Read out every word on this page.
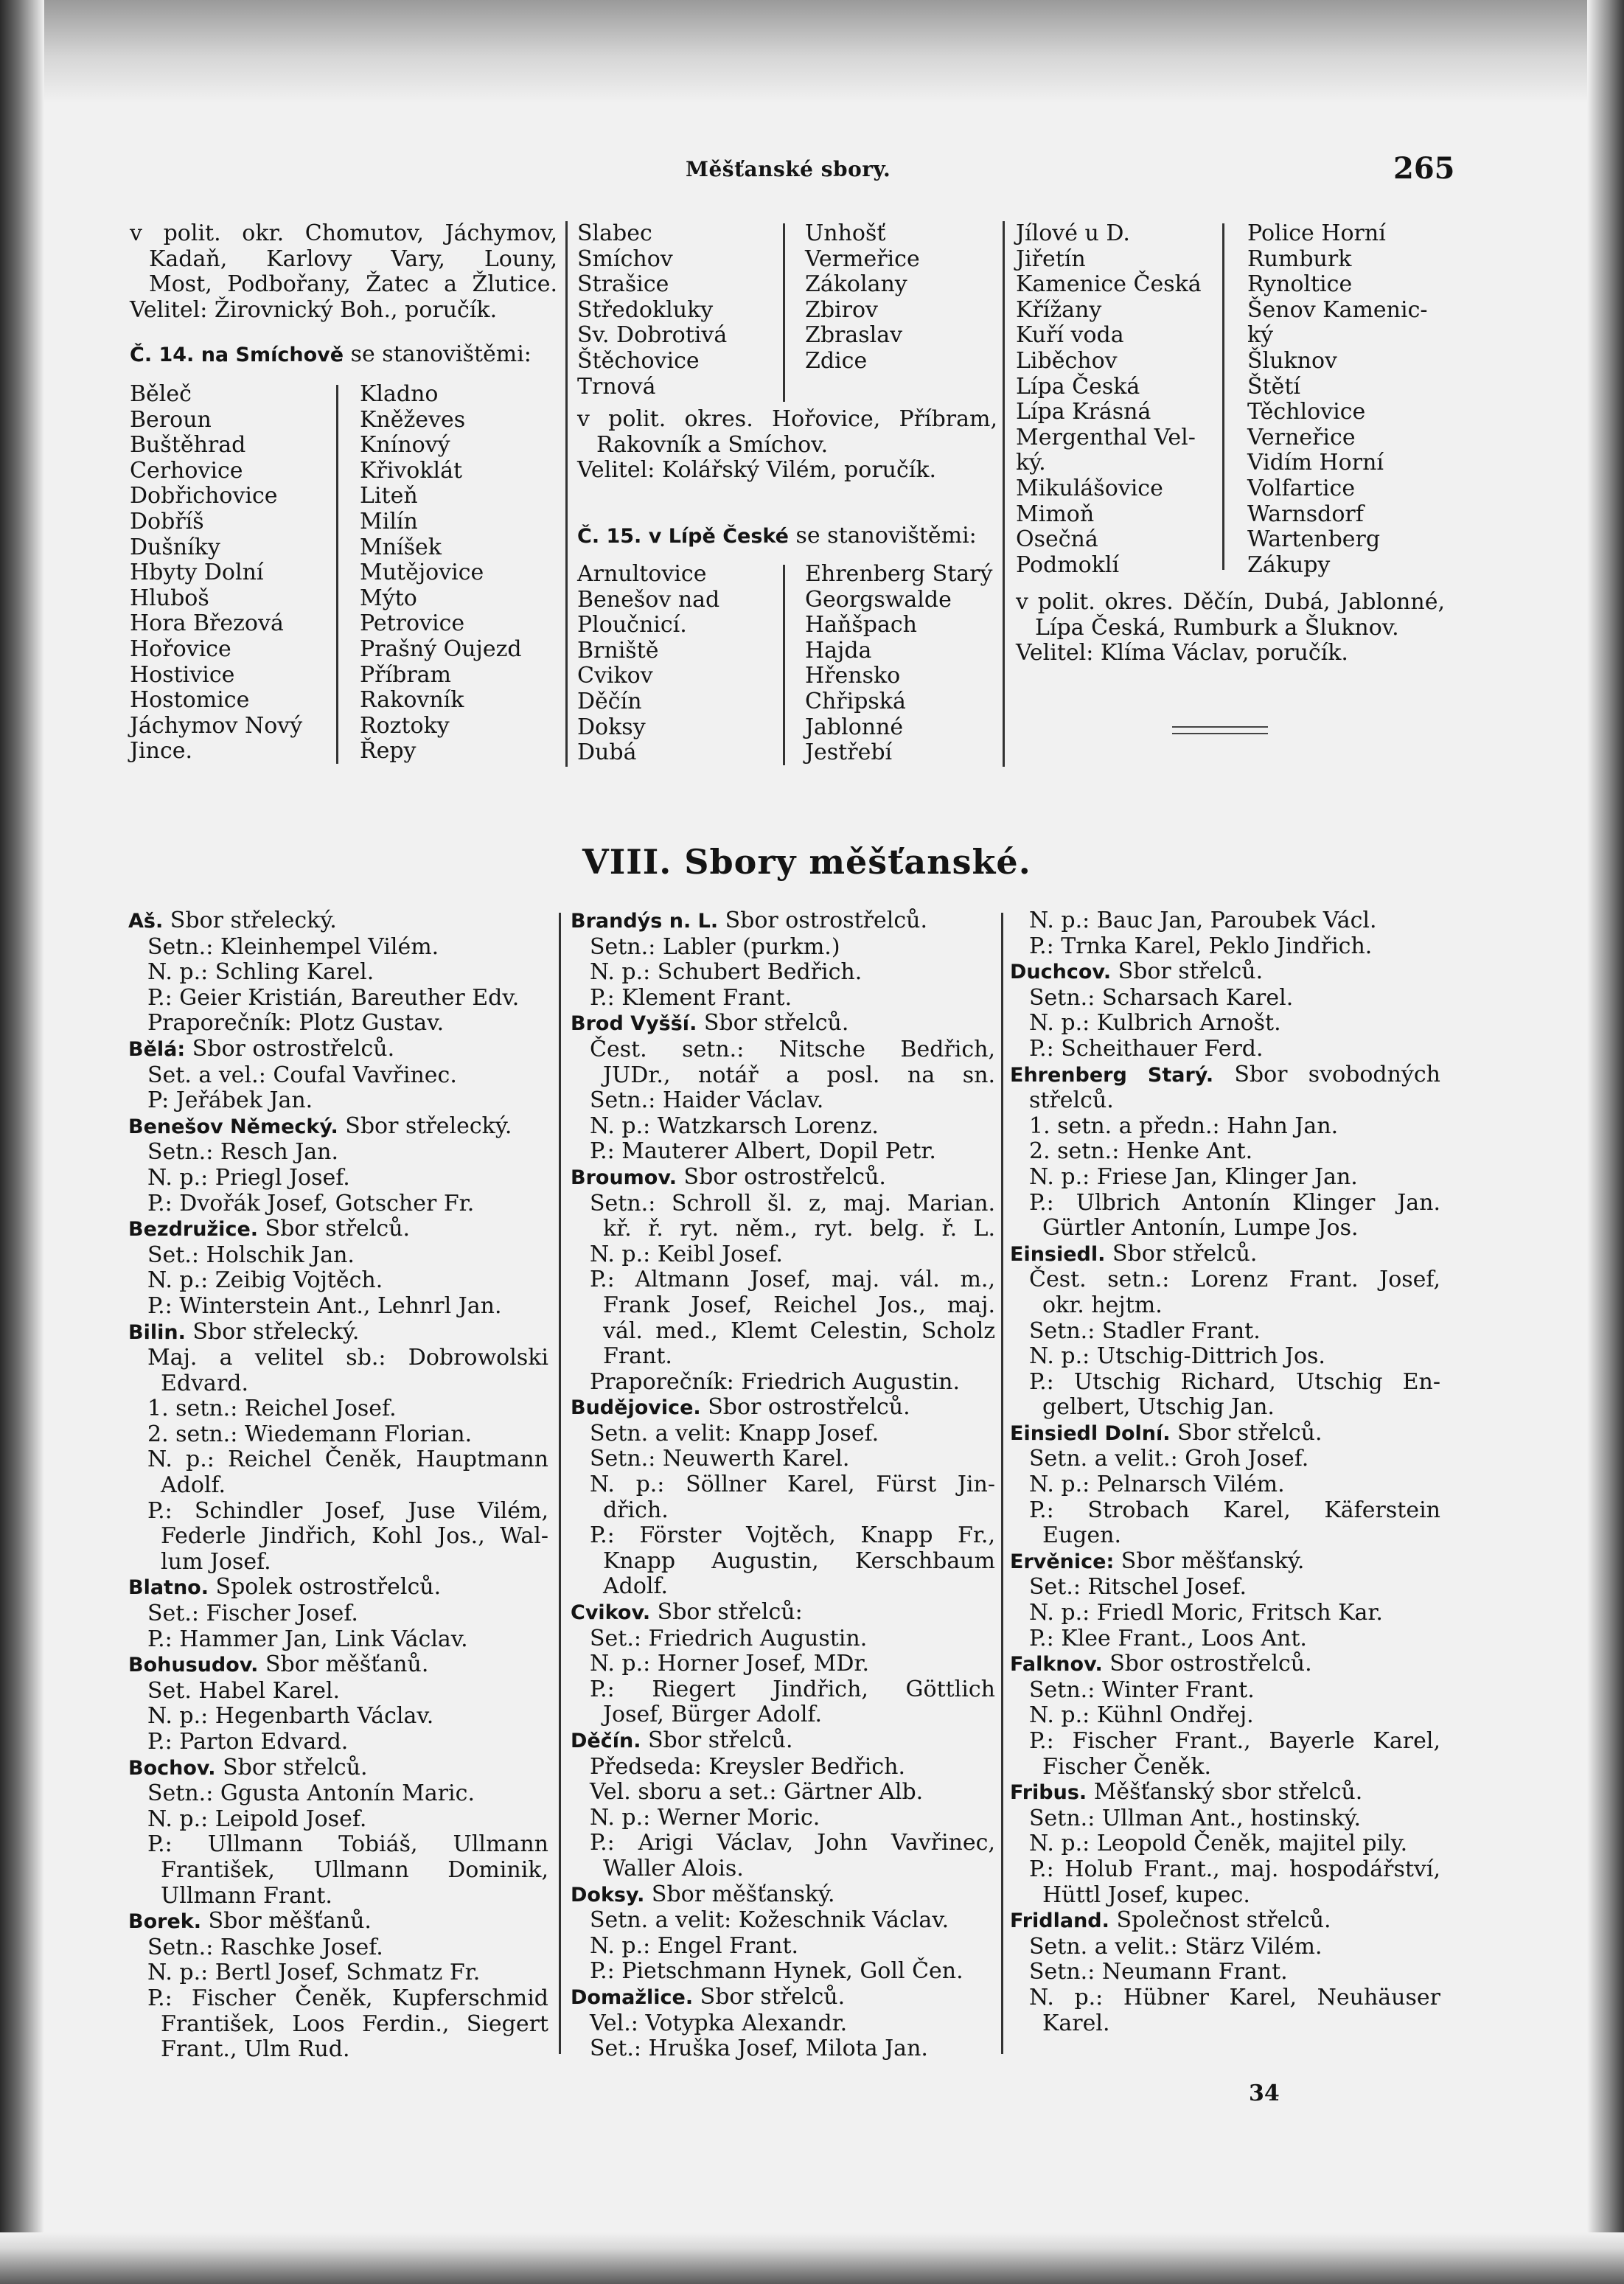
Měšťanské sbory.	265
v polit. okr. Chomutov, Jáchymov,
Kadaň, Karlovy Vary, Louny,
Most, Podbořany, Žatec a Žlutice.
Velitel: Žirovnický Boh., poručík.
Č. 14. na Smíchově se stanovištěmi:
Běleč
Beroun
Buštěhrad
Cerhovice
Dobřichovice
Dobříš
Dušníky
Hbyty Dolní
Hluboš
Hora Březová
Hořovice
Hostivice
Hostomice
Jáchymov Nový
Jince.
Kladno
Kněževes
Knínový
Křivoklát
Liteň
Milín
Mníšek
Mutějovice
Mýto
Petrovice
Prašný Oujezd
Příbram
Rakovník
Roztoky
Řepy
Slabec
Smíchov
Strašice
Středokluky
Sv. Dobrotivá
Štěchovice
Trnová
Unhošť
Vermeřice
Zákolany
Zbirov
Zbraslav
Zdice
v polit. okres. Hořovice, Příbram,
Rakovník a Smíchov.
Velitel: Kolářský Vilém, poručík.
Č. 15. v Lípě České se stanovištěmi:
Arnultovice
Benešov nad
Ploučnicí.
Brniště
Cvikov
Děčín
Doksy
Dubá
Ehrenberg Starý
Georgswalde
Haňšpach
Hajda
Hřensko
Chřipská
Jablonné
Jestřebí
Jílové u D.
Jiřetín
Kamenice Česká
Křížany
Kuří voda
Liběchov
Lípa Česká
Lípa Krásná
Mergenthal Vel-
ký.
Mikulášovice
Mimoň
Osečná
Podmoklí
Police Horní
Rumburk
Rynoltice
Šenov Kamenic-
ký
Šluknov
Štětí
Těchlovice
Verneřice
Vidím Horní
Volfartice
Warnsdorf
Wartenberg
Zákupy
v polit. okres. Děčín, Dubá, Jablonné,
Lípa Česká, Rumburk a Šluknov.
Velitel: Klíma Václav, poručík.
VIII. Sbory měšťanské.
Aš. Sbor střelecký.
Setn.: Kleinhempel Vilém.
N. p.: Schling Karel.
P.: Geier Kristián, Bareuther Edv.
Praporečník: Plotz Gustav.
Bělá: Sbor ostrostřelců.
Set. a vel.: Coufal Vavřinec.
P: Jeřábek Jan.
Benešov Německý. Sbor střelecký.
Setn.: Resch Jan.
N. p.: Priegl Josef.
P.: Dvořák Josef, Gotscher Fr.
Bezdružice. Sbor střelců.
Set.: Holschik Jan.
N. p.: Zeibig Vojtěch.
P.: Winterstein Ant., Lehnrl Jan.
Bilin. Sbor střelecký.
Maj. a velitel sb.: Dobrowolski
Edvard.
1. setn.: Reichel Josef.
2. setn.: Wiedemann Florian.
N. p.: Reichel Čeněk, Hauptmann
Adolf.
P.: Schindler Josef, Juse Vilém,
Federle Jindřich, Kohl Jos., Wal-
lum Josef.
Blatno. Spolek ostrostřelců.
Set.: Fischer Josef.
P.: Hammer Jan, Link Václav.
Bohusudov. Sbor měšťanů.
Set. Habel Karel.
N. p.: Hegenbarth Václav.
P.: Parton Edvard.
Bochov. Sbor střelců.
Setn.: Ggusta Antonín Maric.
N. p.: Leipold Josef.
P.: Ullmann Tobiáš, Ullmann
František, Ullmann Dominik,
Ullmann Frant.
Borek. Sbor měšťanů.
Setn.: Raschke Josef.
N. p.: Bertl Josef, Schmatz Fr.
P.: Fischer Čeněk, Kupferschmid
František, Loos Ferdin., Siegert
Frant., Ulm Rud.
Brandýs n. L. Sbor ostrostřelců.
Setn.: Labler (purkm.)
N. p.: Schubert Bedřich.
P.: Klement Frant.
Brod Vyšší. Sbor střelců.
Čest. setn.: Nitsche Bedřich,
JUDr., notář a posl. na sn.
Setn.: Haider Václav.
N. p.: Watzkarsch Lorenz.
P.: Mauterer Albert, Dopil Petr.
Broumov. Sbor ostrostřelců.
Setn.: Schroll šl. z, maj. Marian.
kř. ř. ryt. něm., ryt. belg. ř. L.
N. p.: Keibl Josef.
P.: Altmann Josef, maj. vál. m.,
Frank Josef, Reichel Jos., maj.
vál. med., Klemt Celestin, Scholz
Frant.
Praporečník: Friedrich Augustin.
Budějovice. Sbor ostrostřelců.
Setn. a velit: Knapp Josef.
Setn.: Neuwerth Karel.
N. p.: Söllner Karel, Fürst Jin-
dřich.
P.: Förster Vojtěch, Knapp Fr.,
Knapp Augustin, Kerschbaum
Adolf.
Cvikov. Sbor střelců:
Set.: Friedrich Augustin.
N. p.: Horner Josef, MDr.
P.: Riegert Jindřich, Göttlich
Josef, Bürger Adolf.
Děčín. Sbor střelců.
Předseda: Kreysler Bedřich.
Vel. sboru a set.: Gärtner Alb.
N. p.: Werner Moric.
P.: Arigi Václav, John Vavřinec,
Waller Alois.
Doksy. Sbor měšťanský.
Setn. a velit: Kožeschnik Václav.
N. p.: Engel Frant.
P.: Pietschmann Hynek, Goll Čen.
Domažlice. Sbor střelců.
Vel.: Votypka Alexandr.
Set.: Hruška Josef, Milota Jan.
N. p.: Bauc Jan, Paroubek Václ.
P.: Trnka Karel, Peklo Jindřich.
Duchcov. Sbor střelců.
Setn.: Scharsach Karel.
N. p.: Kulbrich Arnošt.
P.: Scheithauer Ferd.
Ehrenberg Starý. Sbor svobodných
střelců.
1. setn. a předn.: Hahn Jan.
2. setn.: Henke Ant.
N. p.: Friese Jan, Klinger Jan.
P.: Ulbrich Antonín Klinger Jan.
Gürtler Antonín, Lumpe Jos.
Einsiedl. Sbor střelců.
Čest. setn.: Lorenz Frant. Josef,
okr. hejtm.
Setn.: Stadler Frant.
N. p.: Utschig-Dittrich Jos.
P.: Utschig Richard, Utschig En-
gelbert, Utschig Jan.
Einsiedl Dolní. Sbor střelců.
Setn. a velit.: Groh Josef.
N. p.: Pelnarsch Vilém.
P.: Strobach Karel, Käferstein
Eugen.
Ervěnice: Sbor měšťanský.
Set.: Ritschel Josef.
N. p.: Friedl Moric, Fritsch Kar.
P.: Klee Frant., Loos Ant.
Falknov. Sbor ostrostřelců.
Setn.: Winter Frant.
N. p.: Kühnl Ondřej.
P.: Fischer Frant., Bayerle Karel,
Fischer Čeněk.
Fribus. Měšťanský sbor střelců.
Setn.: Ullman Ant., hostinský.
N. p.: Leopold Čeněk, majitel pily.
P.: Holub Frant., maj. hospodářství,
Hüttl Josef, kupec.
Fridland. Společnost střelců.
Setn. a velit.: Stärz Vilém.
Setn.: Neumann Frant.
N. p.: Hübner Karel, Neuhäuser
Karel.
34
